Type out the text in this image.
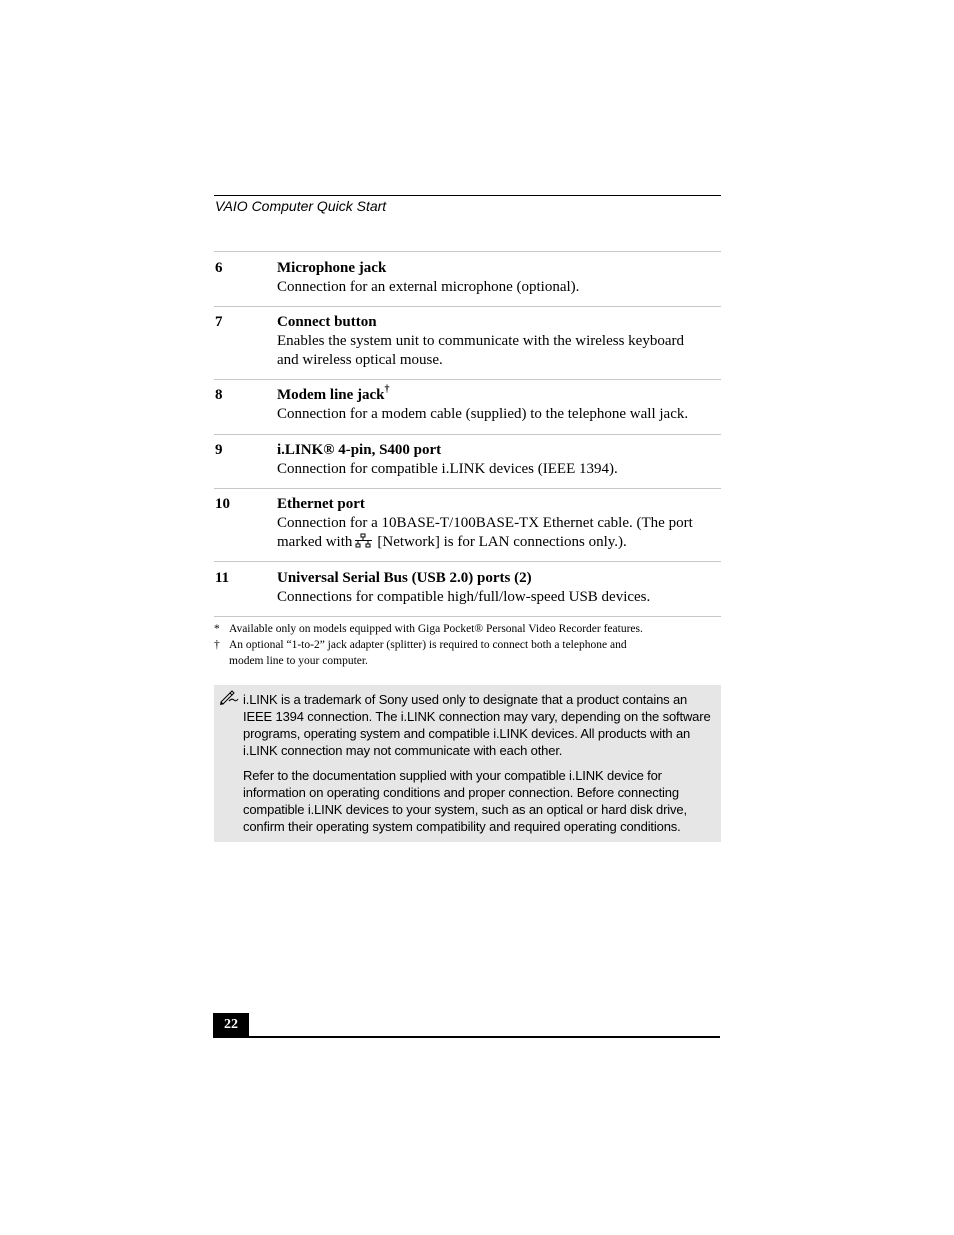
VAIO Computer Quick Start
6	Microphone jack
Connection for an external microphone (optional).
7	Connect button
Enables the system unit to communicate with the wireless keyboard
and wireless optical mouse.
8	Modem line jack†
Connection for a modem cable (supplied) to the telephone wall jack.
9	i.LINK® 4-pin, S400 port
Connection for compatible i.LINK devices (IEEE 1394).
10	Ethernet port
Connection for a 10BASE-T/100BASE-TX Ethernet cable. (The port
marked with [Network] is for LAN connections only.).
11	Universal Serial Bus (USB 2.0) ports (2)
Connections for compatible high/full/low-speed USB devices.
* Available only on models equipped with Giga Pocket® Personal Video Recorder features.
† An optional “1-to-2” jack adapter (splitter) is required to connect both a telephone and
modem line to your computer.

i.LINK is a trademark of Sony used only to designate that a product contains an
IEEE 1394 connection. The i.LINK connection may vary, depending on the software
programs, operating system and compatible i.LINK devices. All products with an
i.LINK connection may not communicate with each other.

Refer to the documentation supplied with your compatible i.LINK device for
information on operating conditions and proper connection. Before connecting
compatible i.LINK devices to your system, such as an optical or hard disk drive,
confirm their operating system compatibility and required operating conditions.

22
